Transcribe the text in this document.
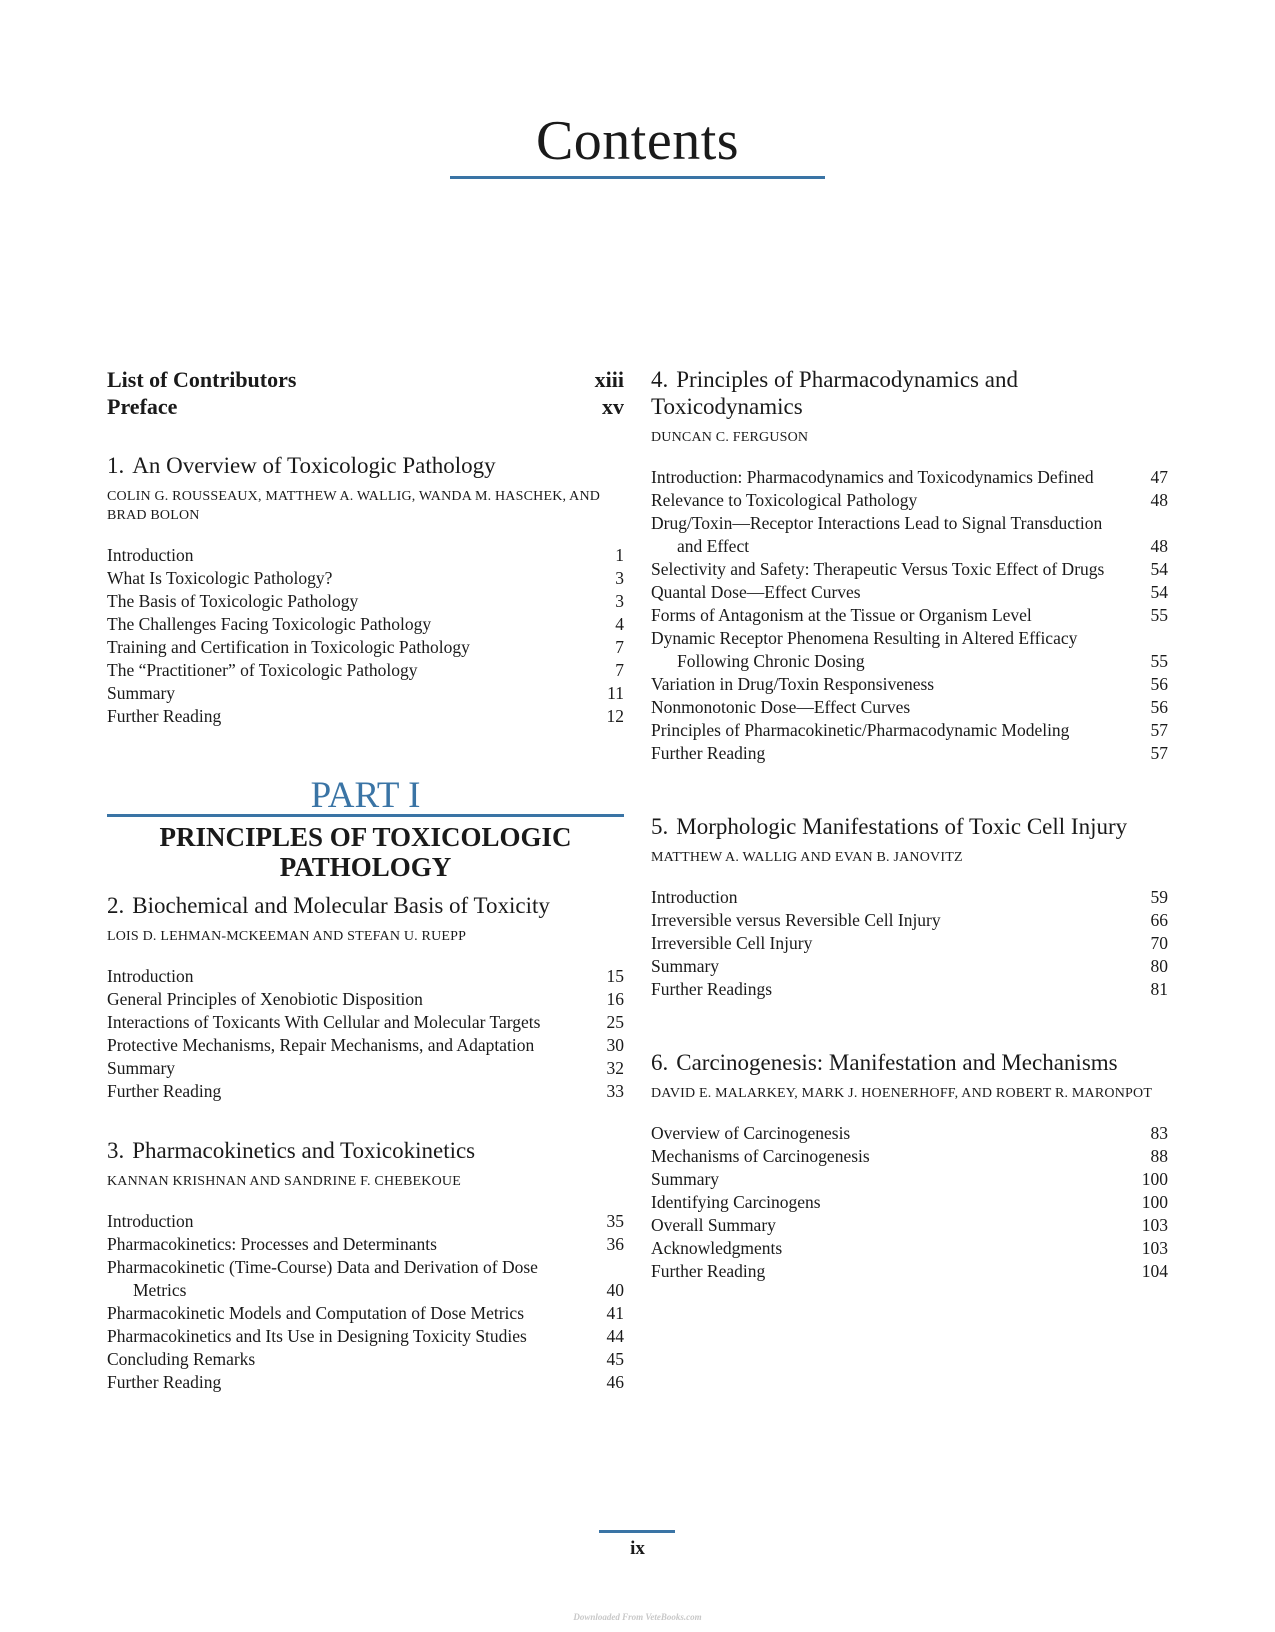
Contents
List of Contributors	xiii
Preface	xv
1. An Overview of Toxicologic Pathology
COLIN G. ROUSSEAUX, MATTHEW A. WALLIG, WANDA M. HASCHEK, AND BRAD BOLON
Introduction	1
What Is Toxicologic Pathology?	3
The Basis of Toxicologic Pathology	3
The Challenges Facing Toxicologic Pathology	4
Training and Certification in Toxicologic Pathology	7
The “Practitioner” of Toxicologic Pathology	7
Summary	11
Further Reading	12
PART I
PRINCIPLES OF TOXICOLOGIC PATHOLOGY
2. Biochemical and Molecular Basis of Toxicity
LOIS D. LEHMAN-MCKEEMAN AND STEFAN U. RUEPP
Introduction	15
General Principles of Xenobiotic Disposition	16
Interactions of Toxicants With Cellular and Molecular Targets	25
Protective Mechanisms, Repair Mechanisms, and Adaptation	30
Summary	32
Further Reading	33
3. Pharmacokinetics and Toxicokinetics
KANNAN KRISHNAN AND SANDRINE F. CHEBEKOUE
Introduction	35
Pharmacokinetics: Processes and Determinants	36
Pharmacokinetic (Time-Course) Data and Derivation of Dose Metrics	40
Pharmacokinetic Models and Computation of Dose Metrics	41
Pharmacokinetics and Its Use in Designing Toxicity Studies	44
Concluding Remarks	45
Further Reading	46
4. Principles of Pharmacodynamics and Toxicodynamics
DUNCAN C. FERGUSON
Introduction: Pharmacodynamics and Toxicodynamics Defined	47
Relevance to Toxicological Pathology	48
Drug/Toxin—Receptor Interactions Lead to Signal Transduction and Effect	48
Selectivity and Safety: Therapeutic Versus Toxic Effect of Drugs	54
Quantal Dose—Effect Curves	54
Forms of Antagonism at the Tissue or Organism Level	55
Dynamic Receptor Phenomena Resulting in Altered Efficacy Following Chronic Dosing	55
Variation in Drug/Toxin Responsiveness	56
Nonmonotonic Dose—Effect Curves	56
Principles of Pharmacokinetic/Pharmacodynamic Modeling	57
Further Reading	57
5. Morphologic Manifestations of Toxic Cell Injury
MATTHEW A. WALLIG AND EVAN B. JANOVITZ
Introduction	59
Irreversible versus Reversible Cell Injury	66
Irreversible Cell Injury	70
Summary	80
Further Readings	81
6. Carcinogenesis: Manifestation and Mechanisms
DAVID E. MALARKEY, MARK J. HOENERHOFF, AND ROBERT R. MARONPOT
Overview of Carcinogenesis	83
Mechanisms of Carcinogenesis	88
Summary	100
Identifying Carcinogens	100
Overall Summary	103
Acknowledgments	103
Further Reading	104
ix
Downloaded From VeteBooks.com
